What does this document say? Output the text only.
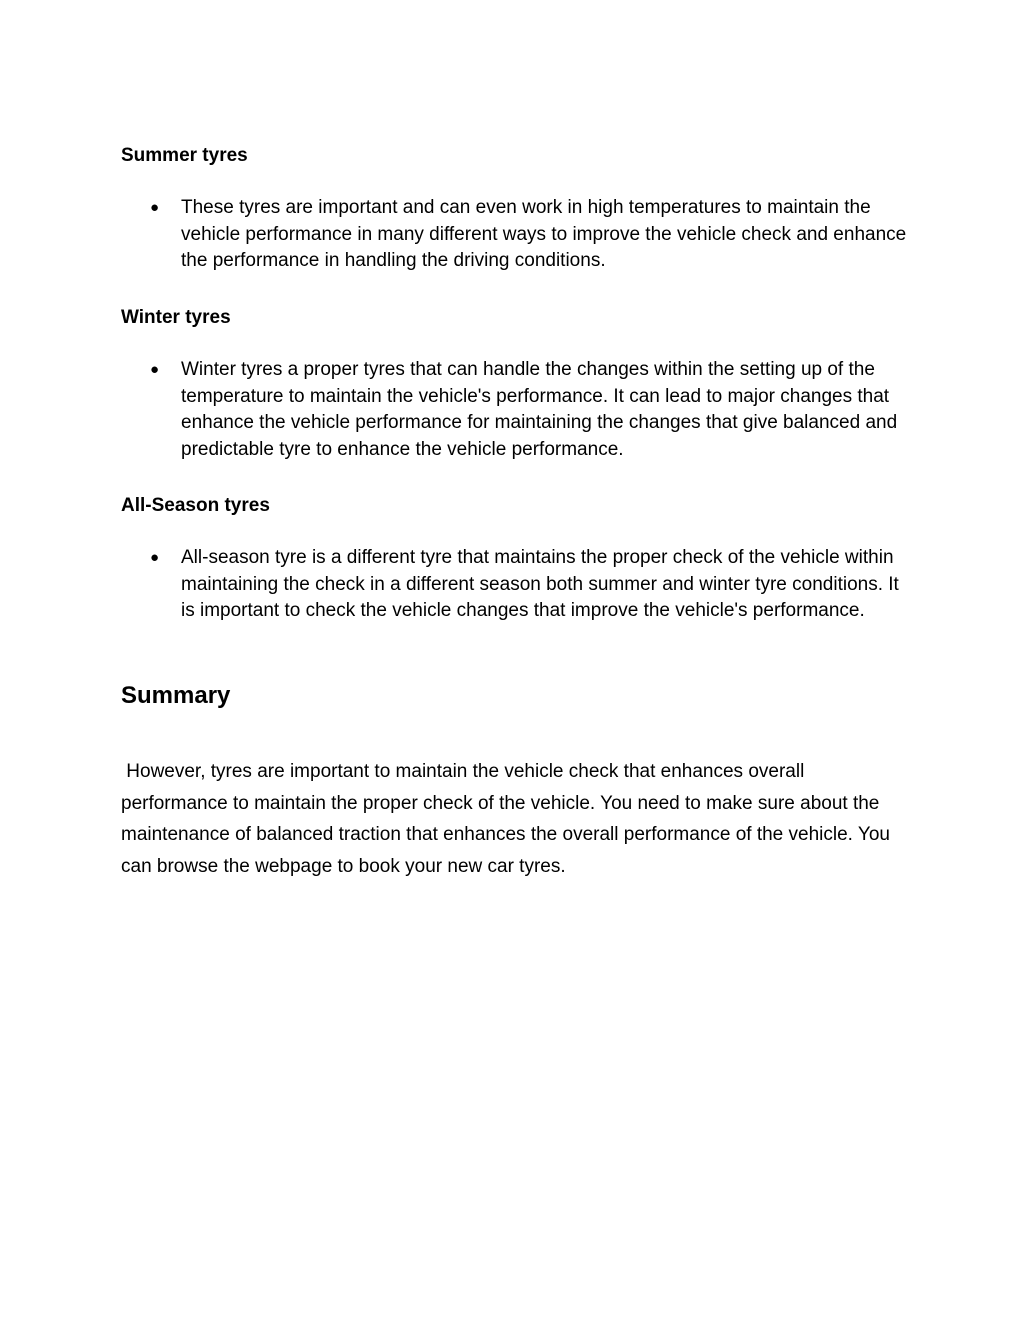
Summer tyres
●	These tyres are important and can even work in high temperatures to maintain the vehicle performance in many different ways to improve the vehicle check and enhance the performance in handling the driving conditions.
Winter tyres
●	Winter tyres a proper tyres that can handle the changes within the setting up of the temperature to maintain the vehicle's performance. It can lead to major changes that enhance the vehicle performance for maintaining the changes that give balanced and predictable tyre to enhance the vehicle performance.
All-Season tyres
●	All-season tyre is a different tyre that maintains the proper check of the vehicle within maintaining the check in a different season both summer and winter tyre conditions. It is important to check the vehicle changes that improve the vehicle's performance.
Summary

However, tyres are important to maintain the vehicle check that enhances overall performance to maintain the proper check of the vehicle. You need to make sure about the maintenance of balanced traction that enhances the overall performance of the vehicle. You can browse the webpage to book your new car tyres.
